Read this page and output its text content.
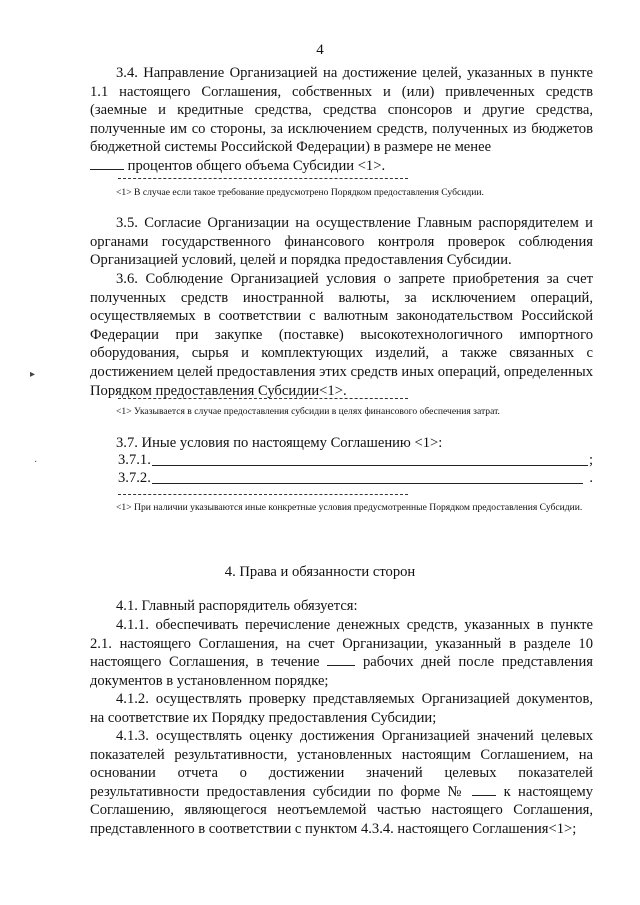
4
3.4. Направление Организацией на достижение целей, указанных в пункте 1.1 настоящего Соглашения, собственных и (или) привлеченных средств (заемные и кредитные средства, средства спонсоров и другие средства, полученные им со стороны, за исключением средств, полученных из бюджетов бюджетной системы Российской Федерации) в размере не менее
процентов общего объема Субсидии <1>.
<1> В случае если такое требование предусмотрено Порядком предоставления Субсидии.
3.5. Согласие Организации на осуществление Главным распорядителем и органами государственного финансового контроля проверок соблюдения Организацией условий, целей и порядка предоставления Субсидии.
3.6. Соблюдение Организацией условия о запрете приобретения за счет полученных средств иностранной валюты, за исключением операций, осуществляемых в соответствии с валютным законодательством Российской Федерации при закупке (поставке) высокотехнологичного импортного оборудования, сырья и комплектующих изделий, а также связанных с достижением целей предоставления этих средств иных операций, определенных Порядком предоставления Субсидии<1>.
<1> Указывается в случае предоставления субсидии в целях финансового обеспечения затрат.
3.7. Иные условия по настоящему Соглашению <1>:
3.7.1.	;
3.7.2.	.
<1> При наличии указываются иные конкретные условия предусмотренные Порядком предоставления Субсидии.
4. Права и обязанности сторон
4.1. Главный распорядитель обязуется:
4.1.1. обеспечивать перечисление денежных средств, указанных в пункте 2.1. настоящего Соглашения, на счет Организации, указанный в разделе 10 настоящего Соглашения, в течение	рабочих дней после представления документов в установленном порядке;
4.1.2. осуществлять проверку представляемых Организацией документов, на соответствие их Порядку предоставления Субсидии;
4.1.3. осуществлять оценку достижения Организацией значений целевых показателей результативности, установленных настоящим Соглашением, на основании отчета о достижении значений целевых показателей результативности предоставления субсидии по форме №	к настоящему Соглашению, являющегося неотъемлемой частью настоящего Соглашения, представленного в соответствии с пунктом 4.3.4. настоящего Соглашения<1>;
▸
·
